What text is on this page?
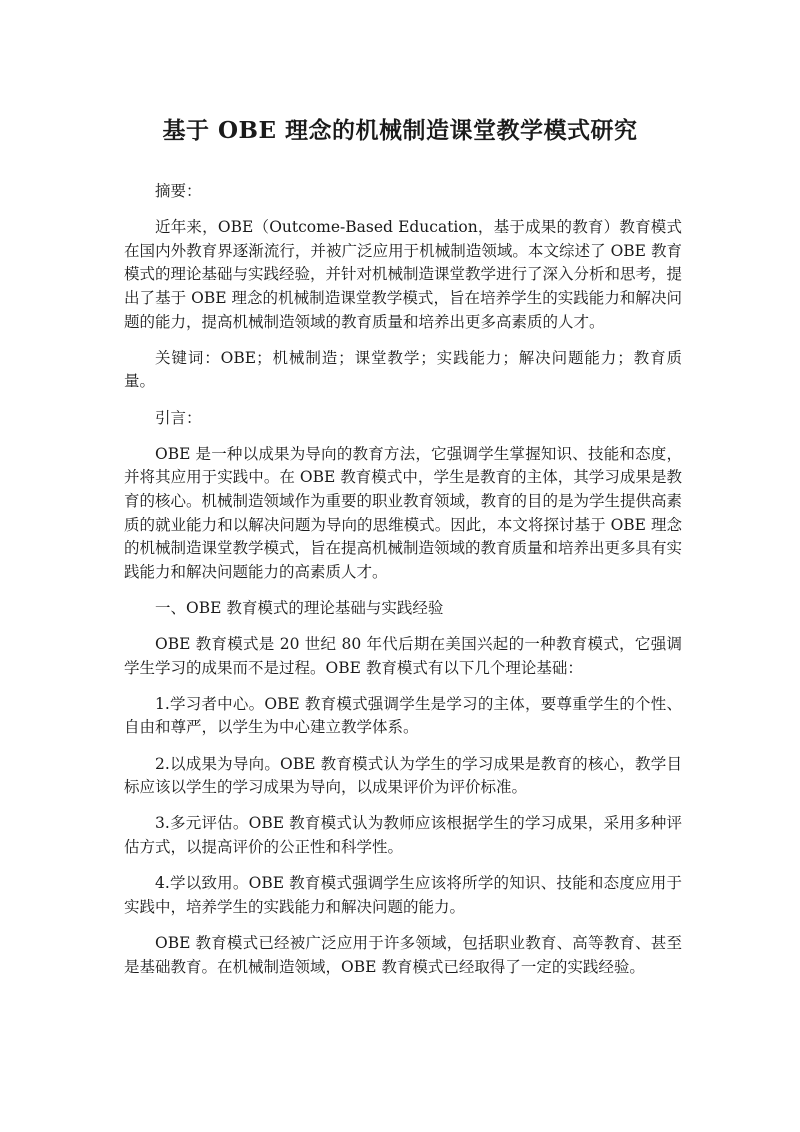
基于 OBE 理念的机械制造课堂教学模式研究

摘要：

近年来，OBE（Outcome-Based Education，基于成果的教育）教育模式在国内外教育界逐渐流行，并被广泛应用于机械制造领域。本文综述了 OBE 教育模式的理论基础与实践经验，并针对机械制造课堂教学进行了深入分析和思考，提出了基于 OBE 理念的机械制造课堂教学模式，旨在培养学生的实践能力和解决问题的能力，提高机械制造领域的教育质量和培养出更多高素质的人才。

关键词：OBE；机械制造；课堂教学；实践能力；解决问题能力；教育质量。

引言：

OBE 是一种以成果为导向的教育方法，它强调学生掌握知识、技能和态度，并将其应用于实践中。在 OBE 教育模式中，学生是教育的主体，其学习成果是教育的核心。机械制造领域作为重要的职业教育领域，教育的目的是为学生提供高素质的就业能力和以解决问题为导向的思维模式。因此，本文将探讨基于 OBE 理念的机械制造课堂教学模式，旨在提高机械制造领域的教育质量和培养出更多具有实践能力和解决问题能力的高素质人才。

一、OBE 教育模式的理论基础与实践经验

OBE 教育模式是 20 世纪 80 年代后期在美国兴起的一种教育模式，它强调学生学习的成果而不是过程。OBE 教育模式有以下几个理论基础：

1.学习者中心。OBE 教育模式强调学生是学习的主体，要尊重学生的个性、自由和尊严，以学生为中心建立教学体系。

2.以成果为导向。OBE 教育模式认为学生的学习成果是教育的核心，教学目标应该以学生的学习成果为导向，以成果评价为评价标准。

3.多元评估。OBE 教育模式认为教师应该根据学生的学习成果，采用多种评估方式，以提高评价的公正性和科学性。

4.学以致用。OBE 教育模式强调学生应该将所学的知识、技能和态度应用于实践中，培养学生的实践能力和解决问题的能力。

OBE 教育模式已经被广泛应用于许多领域，包括职业教育、高等教育、甚至是基础教育。在机械制造领域，OBE 教育模式已经取得了一定的实践经验。
